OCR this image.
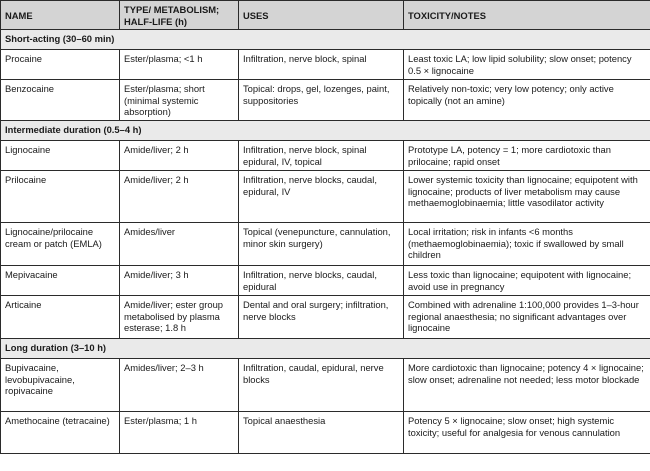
NAME	TYPE/ METABOLISM; HALF-LIFE (h)	USES	TOXICITY/NOTES
Short-acting (30–60 min)			
Procaine	Ester/plasma; <1 h	Infiltration, nerve block, spinal	Least toxic LA; low lipid solubility; slow onset; potency 0.5 × lignocaine
Benzocaine	Ester/plasma; short (minimal systemic absorption)	Topical: drops, gel, lozenges, paint, suppositories	Relatively non-toxic; very low potency; only active topically (not an amine)
Intermediate duration (0.5–4 h)			
Lignocaine	Amide/liver; 2 h	Infiltration, nerve block, spinal epidural, IV, topical	Prototype LA, potency = 1; more cardiotoxic than prilocaine; rapid onset
Prilocaine	Amide/liver; 2 h	Infiltration, nerve blocks, caudal, epidural, IV	Lower systemic toxicity than lignocaine; equipotent with lignocaine; products of liver metabolism may cause methaemoglobinaemia; little vasodilator activity
Lignocaine/prilocaine cream or patch (EMLA)	Amides/liver	Topical (venepuncture, cannulation, minor skin surgery)	Local irritation; risk in infants <6 months (methaemoglobinaemia); toxic if swallowed by small children
Mepivacaine	Amide/liver; 3 h	Infiltration, nerve blocks, caudal, epidural	Less toxic than lignocaine; equipotent with lignocaine; avoid use in pregnancy
Articaine	Amide/liver; ester group metabolised by plasma esterase; 1.8 h	Dental and oral surgery; infiltration, nerve blocks	Combined with adrenaline 1:100,000 provides 1–3-hour regional anaesthesia; no significant advantages over lignocaine
Long duration (3–10 h)			
Bupivacaine, levobupivacaine, ropivacaine	Amides/liver; 2–3 h	Infiltration, caudal, epidural, nerve blocks	More cardiotoxic than lignocaine; potency 4 × lignocaine; slow onset; adrenaline not needed; less motor blockade
Amethocaine (tetracaine)	Ester/plasma; 1 h	Topical anaesthesia	Potency 5 × lignocaine; slow onset; high systemic toxicity; useful for analgesia for venous cannulation
